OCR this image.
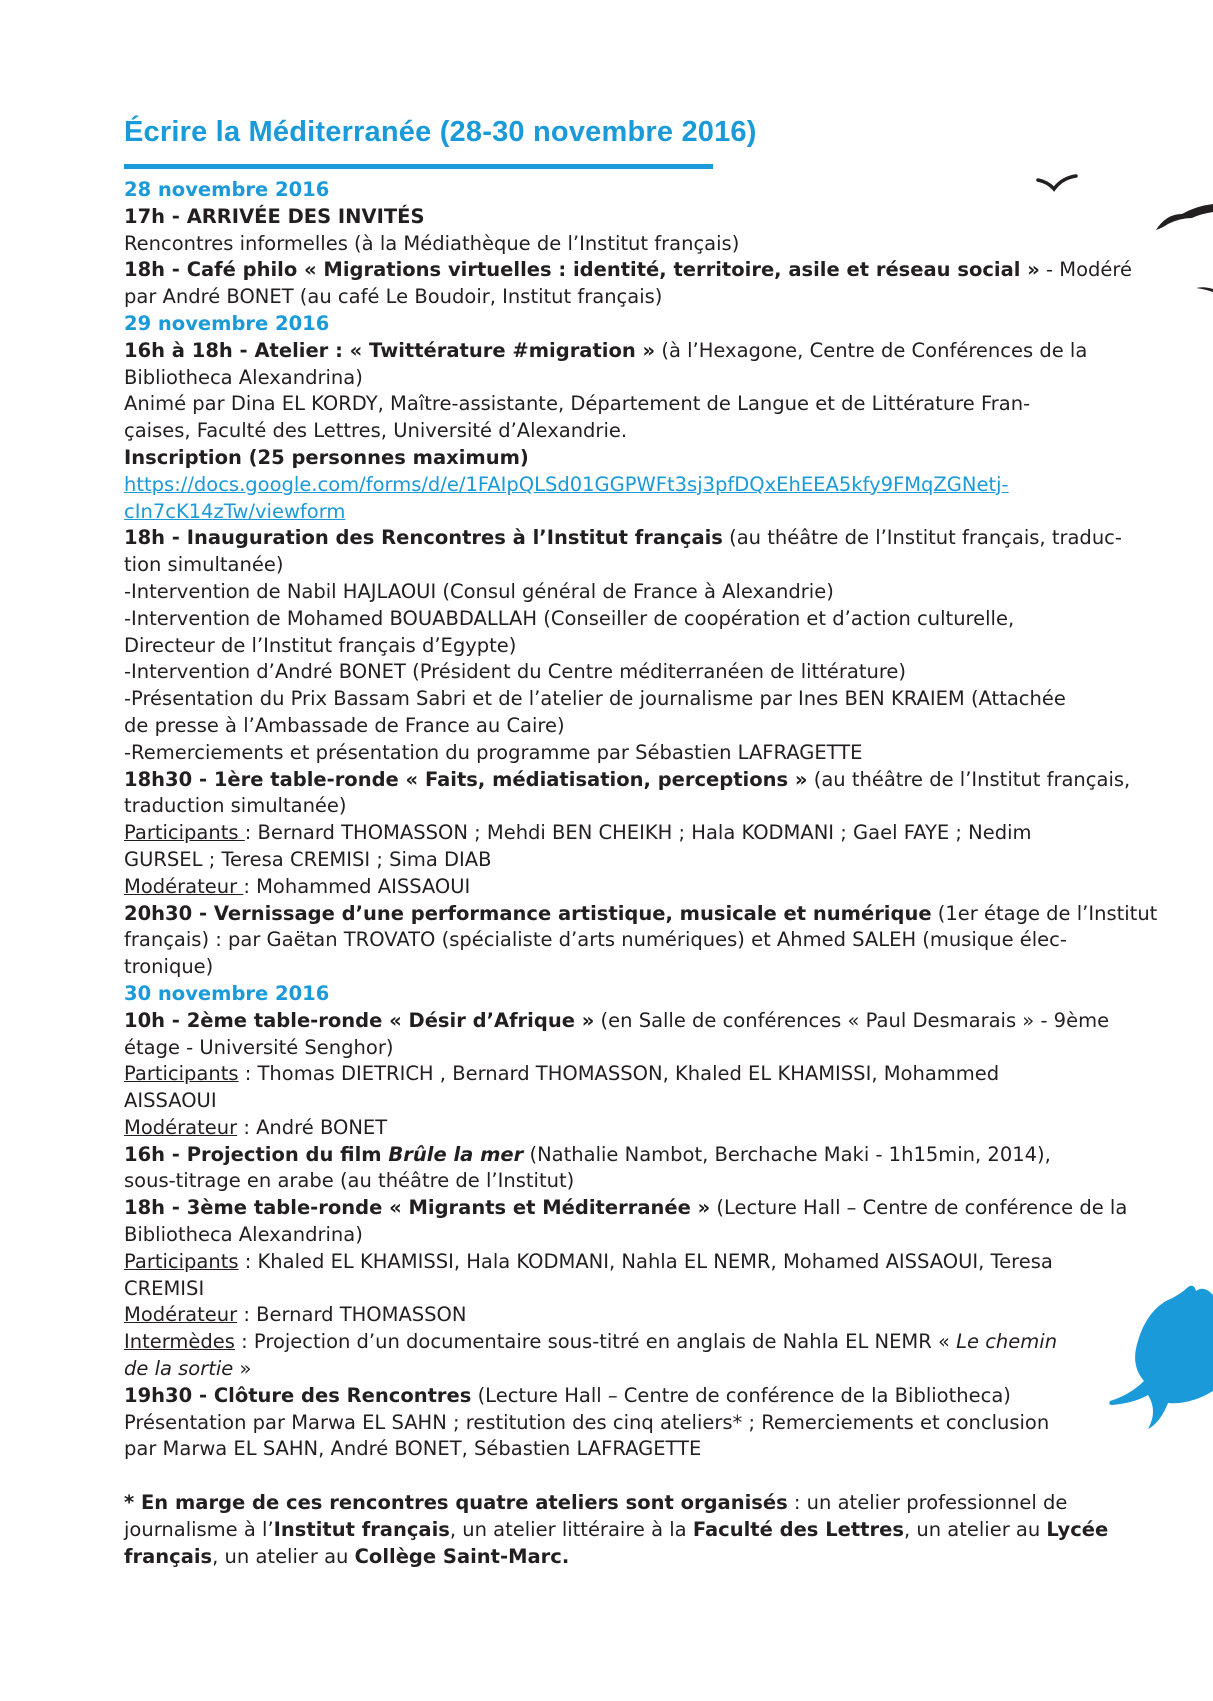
Écrire la Méditerranée (28-30 novembre 2016)
28 novembre 2016
17h - ARRIVÉE DES INVITÉS
Rencontres informelles (à la Médiathèque de l’Institut français)
18h - Café philo « Migrations virtuelles : identité, territoire, asile et réseau social » - Modéré
par André BONET (au café Le Boudoir, Institut français)
29 novembre 2016
16h à 18h - Atelier : « Twittérature #migration » (à l’Hexagone, Centre de Conférences de la
Bibliotheca Alexandrina)
Animé par Dina EL KORDY, Maître-assistante, Département de Langue et de Littérature Fran-
çaises, Faculté des Lettres, Université d’Alexandrie.
Inscription (25 personnes maximum)
https://docs.google.com/forms/d/e/1FAIpQLSd01GGPWFt3sj3pfDQxEhEEA5kfy9FMqZGNetj-
cIn7cK14zTw/viewform
18h - Inauguration des Rencontres à l’Institut français (au théâtre de l’Institut français, traduc-
tion simultanée)
-Intervention de Nabil HAJLAOUI (Consul général de France à Alexandrie)
-Intervention de Mohamed BOUABDALLAH (Conseiller de coopération et d’action culturelle,
Directeur de l’Institut français d’Egypte)
-Intervention d’André BONET (Président du Centre méditerranéen de littérature)
-Présentation du Prix Bassam Sabri et de l’atelier de journalisme par Ines BEN KRAIEM (Attachée
de presse à l’Ambassade de France au Caire)
-Remerciements et présentation du programme par Sébastien LAFRAGETTE
18h30 - 1ère table-ronde « Faits, médiatisation, perceptions » (au théâtre de l’Institut français,
traduction simultanée)
Participants : Bernard THOMASSON ; Mehdi BEN CHEIKH ; Hala KODMANI ; Gael FAYE ; Nedim
GURSEL ; Teresa CREMISI ; Sima DIAB
Modérateur : Mohammed AISSAOUI
20h30 - Vernissage d’une performance artistique, musicale et numérique (1er étage de l’Institut
français) : par Gaëtan TROVATO (spécialiste d’arts numériques) et Ahmed SALEH (musique élec-
tronique)
30 novembre 2016
10h - 2ème table-ronde « Désir d’Afrique » (en Salle de conférences « Paul Desmarais » - 9ème
étage - Université Senghor)
Participants : Thomas DIETRICH , Bernard THOMASSON, Khaled EL KHAMISSI, Mohammed
AISSAOUI
Modérateur : André BONET
16h - Projection du film Brûle la mer (Nathalie Nambot, Berchache Maki - 1h15min, 2014),
sous-titrage en arabe (au théâtre de l’Institut)
18h - 3ème table-ronde « Migrants et Méditerranée » (Lecture Hall – Centre de conférence de la
Bibliotheca Alexandrina)
Participants : Khaled EL KHAMISSI, Hala KODMANI, Nahla EL NEMR, Mohamed AISSAOUI, Teresa
CREMISI
Modérateur : Bernard THOMASSON
Intermèdes : Projection d’un documentaire sous-titré en anglais de Nahla EL NEMR « Le chemin
de la sortie »
19h30 - Clôture des Rencontres (Lecture Hall – Centre de conférence de la Bibliotheca)
Présentation par Marwa EL SAHN ; restitution des cinq ateliers* ; Remerciements et conclusion
par Marwa EL SAHN, André BONET, Sébastien LAFRAGETTE
* En marge de ces rencontres quatre ateliers sont organisés : un atelier professionnel de
journalisme à l’Institut français, un atelier littéraire à la Faculté des Lettres, un atelier au Lycée
français, un atelier au Collège Saint-Marc.
